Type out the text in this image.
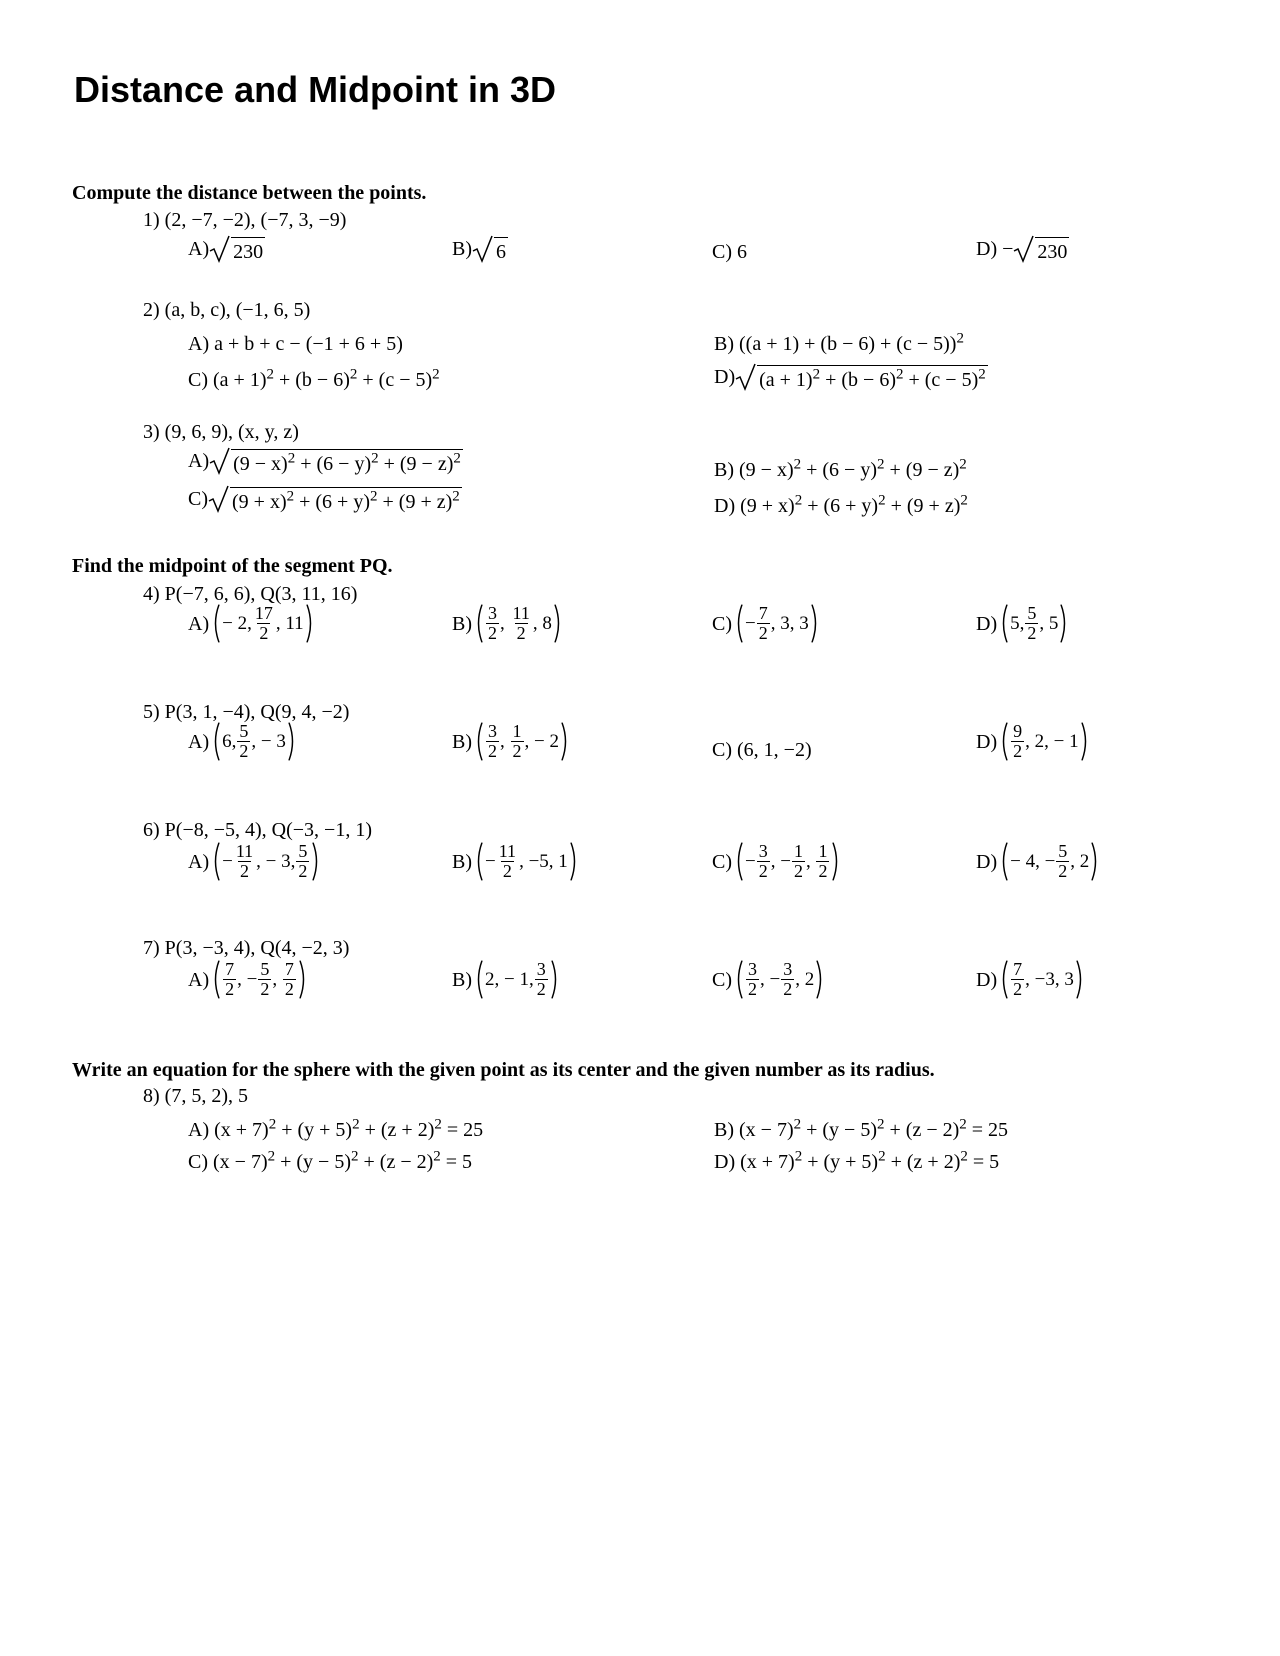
Distance and Midpoint in 3D
Compute the distance between the points.
1) (2, −7, −2), (−7, 3, −9)
A) 230	B) 6	C) 6	D) − 230
2) (a, b, c), (−1, 6, 5)
A) a + b + c − (−1 + 6 + 5)	B) $((a + 1) + (b - 6) + (c - 5))^2$
C) $(a + 1)^2 + (b - 6)^2 + (c - 5)^2$	D) $(a + 1)^2 + (b - 6)^2 + (c - 5)^2$
3) (9, 6, 9), (x, y, z)
A) $(9 - x)^2 + (6 - y)^2 + (9 - z)^2$
B) $(9 - x)^2 + (6 - y)^2 + (9 - z)^2$
C) $(9 + x)^2 + (6 + y)^2 + (9 + z)^2$	D) $(9 + x)^2 + (6 + y)^2 + (9 + z)^2$
Find the midpoint of the segment PQ.
4) P(−7, 6, 6), Q(3, 11, 16)
A) − 2, $\frac{17}{2}$ , 11	$B) \frac{3}{2}$ , $\frac{11}{2}$ , 8	$C) - \frac{7}{2}$ , 3, 3	D) 5, $\frac{5}{2}$ , 5
5) P(3, 1, −4), Q(9, 4, −2)
A) 6, $\frac{5}{2}$ , − 3	$B) \frac{3}{2}$ , $\frac{1}{2}$ , − 2	C)
( 6, 1, −2 )	$D) \frac{9}{2}$ , 2, − 1
6) P(−8, −5, 4), Q(−3, −1, 1)
$A) - \frac{11}{2}$ , − 3, $\frac{5}{2}$	$B) - \frac{11}{2}$ , −5, 1	$C) - \frac{3}{2}$ , − $\frac{1}{2}$ , $\frac{1}{2}$	D) − 4, − $\frac{5}{2}$ , 2
7) P(3, −3, 4), Q(4, −2, 3)
$A) \frac{7}{2}$ , − $\frac{5}{2}$ , $\frac{7}{2}$	B) 2, − 1, $\frac{3}{2}$	$C) \frac{3}{2}$ , − $\frac{3}{2}$ , 2	$D) \frac{7}{2}$ , −3, 3
Write an equation for the sphere with the given point as its center and the given number as its radius.
8) (7, 5, 2), 5
A) $(x + 7)^2 + (y + 5)^2 + (z + 2)^2 = 25$	B) $(x - 7)^2 + (y - 5)^2 + (z - 2)^2 = 25$
C) $(x - 7)^2 + (y - 5)^2 + (z - 2)^2 = 5$	D) $(x + 7)^2 + (y + 5)^2 + (z + 2)^2 = 5$
